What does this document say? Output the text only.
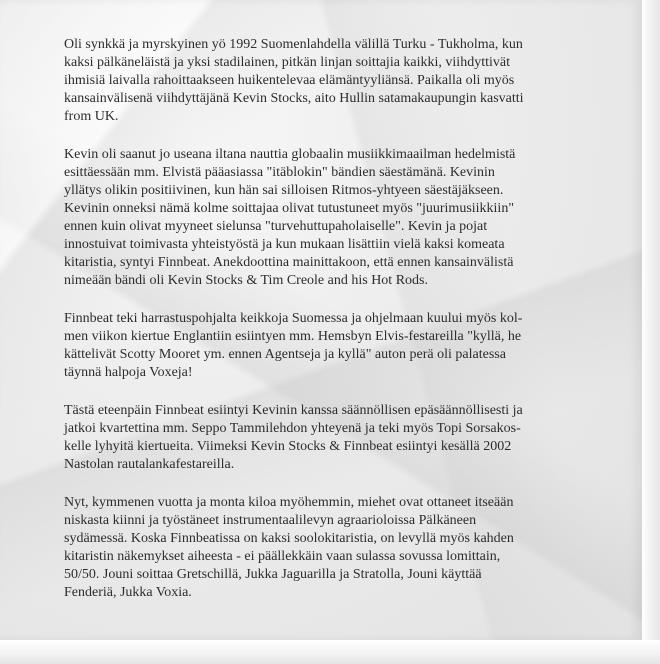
Oli synkkä ja myrskyinen yö 1992 Suomenlahdella välillä Turku - Tukholma, kun
kaksi pälkäneläistä ja yksi stadilainen, pitkän linjan soittajia kaikki, viihdyttivät
ihmisiä laivalla rahoittaakseen huikentelevaa elämäntyyliänsä. Paikalla oli myös
kansainvälisenä viihdyttäjänä Kevin Stocks, aito Hullin satamakaupungin kasvatti
from UK.

Kevin oli saanut jo useana iltana nauttia globaalin musiikkimaailman hedelmistä
esittäessään mm. Elvistä pääasiassa "itäblokin" bändien säestämänä. Kevinin
yllätys olikin positiivinen, kun hän sai silloisen Ritmos-yhtyeen säestäjäkseen.
Kevinin onneksi nämä kolme soittajaa olivat tutustuneet myös "juurimusiikkiin"
ennen kuin olivat myyneet sielunsa "turvehuttupaholaiselle". Kevin ja pojat
innostuivat toimivasta yhteistyöstä ja kun mukaan lisättiin vielä kaksi komeata
kitaristia, syntyi Finnbeat. Anekdoottina mainittakoon, että ennen kansainvälistä
nimeään bändi oli Kevin Stocks & Tim Creole and his Hot Rods.

Finnbeat teki harrastuspohjalta keikkoja Suomessa ja ohjelmaan kuului myös kol-
men viikon kiertue Englantiin esiintyen mm. Hemsbyn Elvis-festareilla "kyllä, he
kättelivät Scotty Mooret ym. ennen Agentseja ja kyllä" auton perä oli palatessa
täynnä halpoja Voxeja!

Tästä eteenpäin Finnbeat esiintyi Kevinin kanssa säännöllisen epäsäännöllisesti ja
jatkoi kvartettina mm. Seppo Tammilehdon yhteyenä ja teki myös Topi Sorsakos-
kelle lyhyitä kiertueita. Viimeksi Kevin Stocks & Finnbeat esiintyi kesällä 2002
Nastolan rautalankafestareilla.

Nyt, kymmenen vuotta ja monta kiloa myöhemmin, miehet ovat ottaneet itseään
niskasta kiinni ja työstäneet instrumentaalilevyn agraarioloissa Pälkäneen
sydämessä. Koska Finnbeatissa on kaksi soolokitaristia, on levyllä myös kahden
kitaristin näkemykset aiheesta - ei päällekkäin vaan sulassa sovussa lomittain,
50/50. Jouni soittaa Gretschillä, Jukka Jaguarilla ja Stratolla, Jouni käyttää
Fenderiä, Jukka Voxia.
